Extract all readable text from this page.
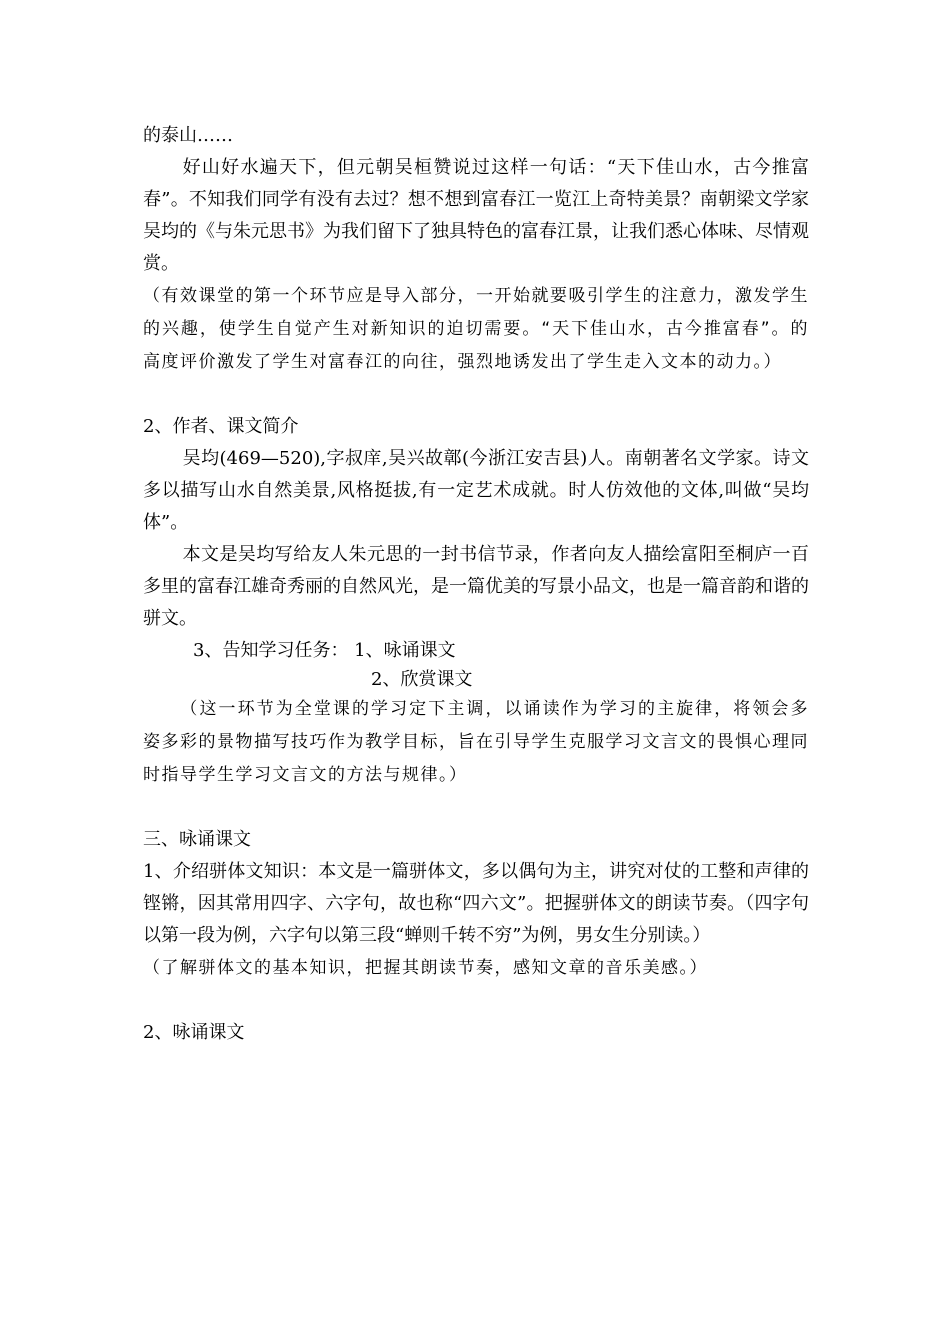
的泰山……

好山好水遍天下，但元朝吴桓赞说过这样一句话：“天下佳山水，古今推富春”。不知我们同学有没有去过？想不想到富春江一览江上奇特美景？南朝梁文学家吴均的《与朱元思书》为我们留下了独具特色的富春江景，让我们悉心体味、尽情观赏。

（有效课堂的第一个环节应是导入部分，一开始就要吸引学生的注意力，激发学生的兴趣，使学生自觉产生对新知识的迫切需要。“天下佳山水，古今推富春”。的高度评价激发了学生对富春江的向往，强烈地诱发出了学生走入文本的动力。）

2、作者、课文简介

吴均(469—520),字叔庠,吴兴故鄣(今浙江安吉县)人。南朝著名文学家。诗文多以描写山水自然美景,风格挺拔,有一定艺术成就。时人仿效他的文体,叫做“吴均体”。

本文是吴均写给友人朱元思的一封书信节录，作者向友人描绘富阳至桐庐一百多里的富春江雄奇秀丽的自然风光，是一篇优美的写景小品文，也是一篇音韵和谐的骈文。

3、告知学习任务： 1、咏诵课文

2、欣赏课文

（这一环节为全堂课的学习定下主调，以诵读作为学习的主旋律，将领会多姿多彩的景物描写技巧作为教学目标，旨在引导学生克服学习文言文的畏惧心理同时指导学生学习文言文的方法与规律。）

三、咏诵课文

1、介绍骈体文知识：本文是一篇骈体文，多以偶句为主，讲究对仗的工整和声律的铿锵，因其常用四字、六字句，故也称“四六文”。把握骈体文的朗读节奏。（四字句以第一段为例，六字句以第三段“蝉则千转不穷”为例，男女生分别读。）

（了解骈体文的基本知识，把握其朗读节奏，感知文章的音乐美感。）

2、咏诵课文
